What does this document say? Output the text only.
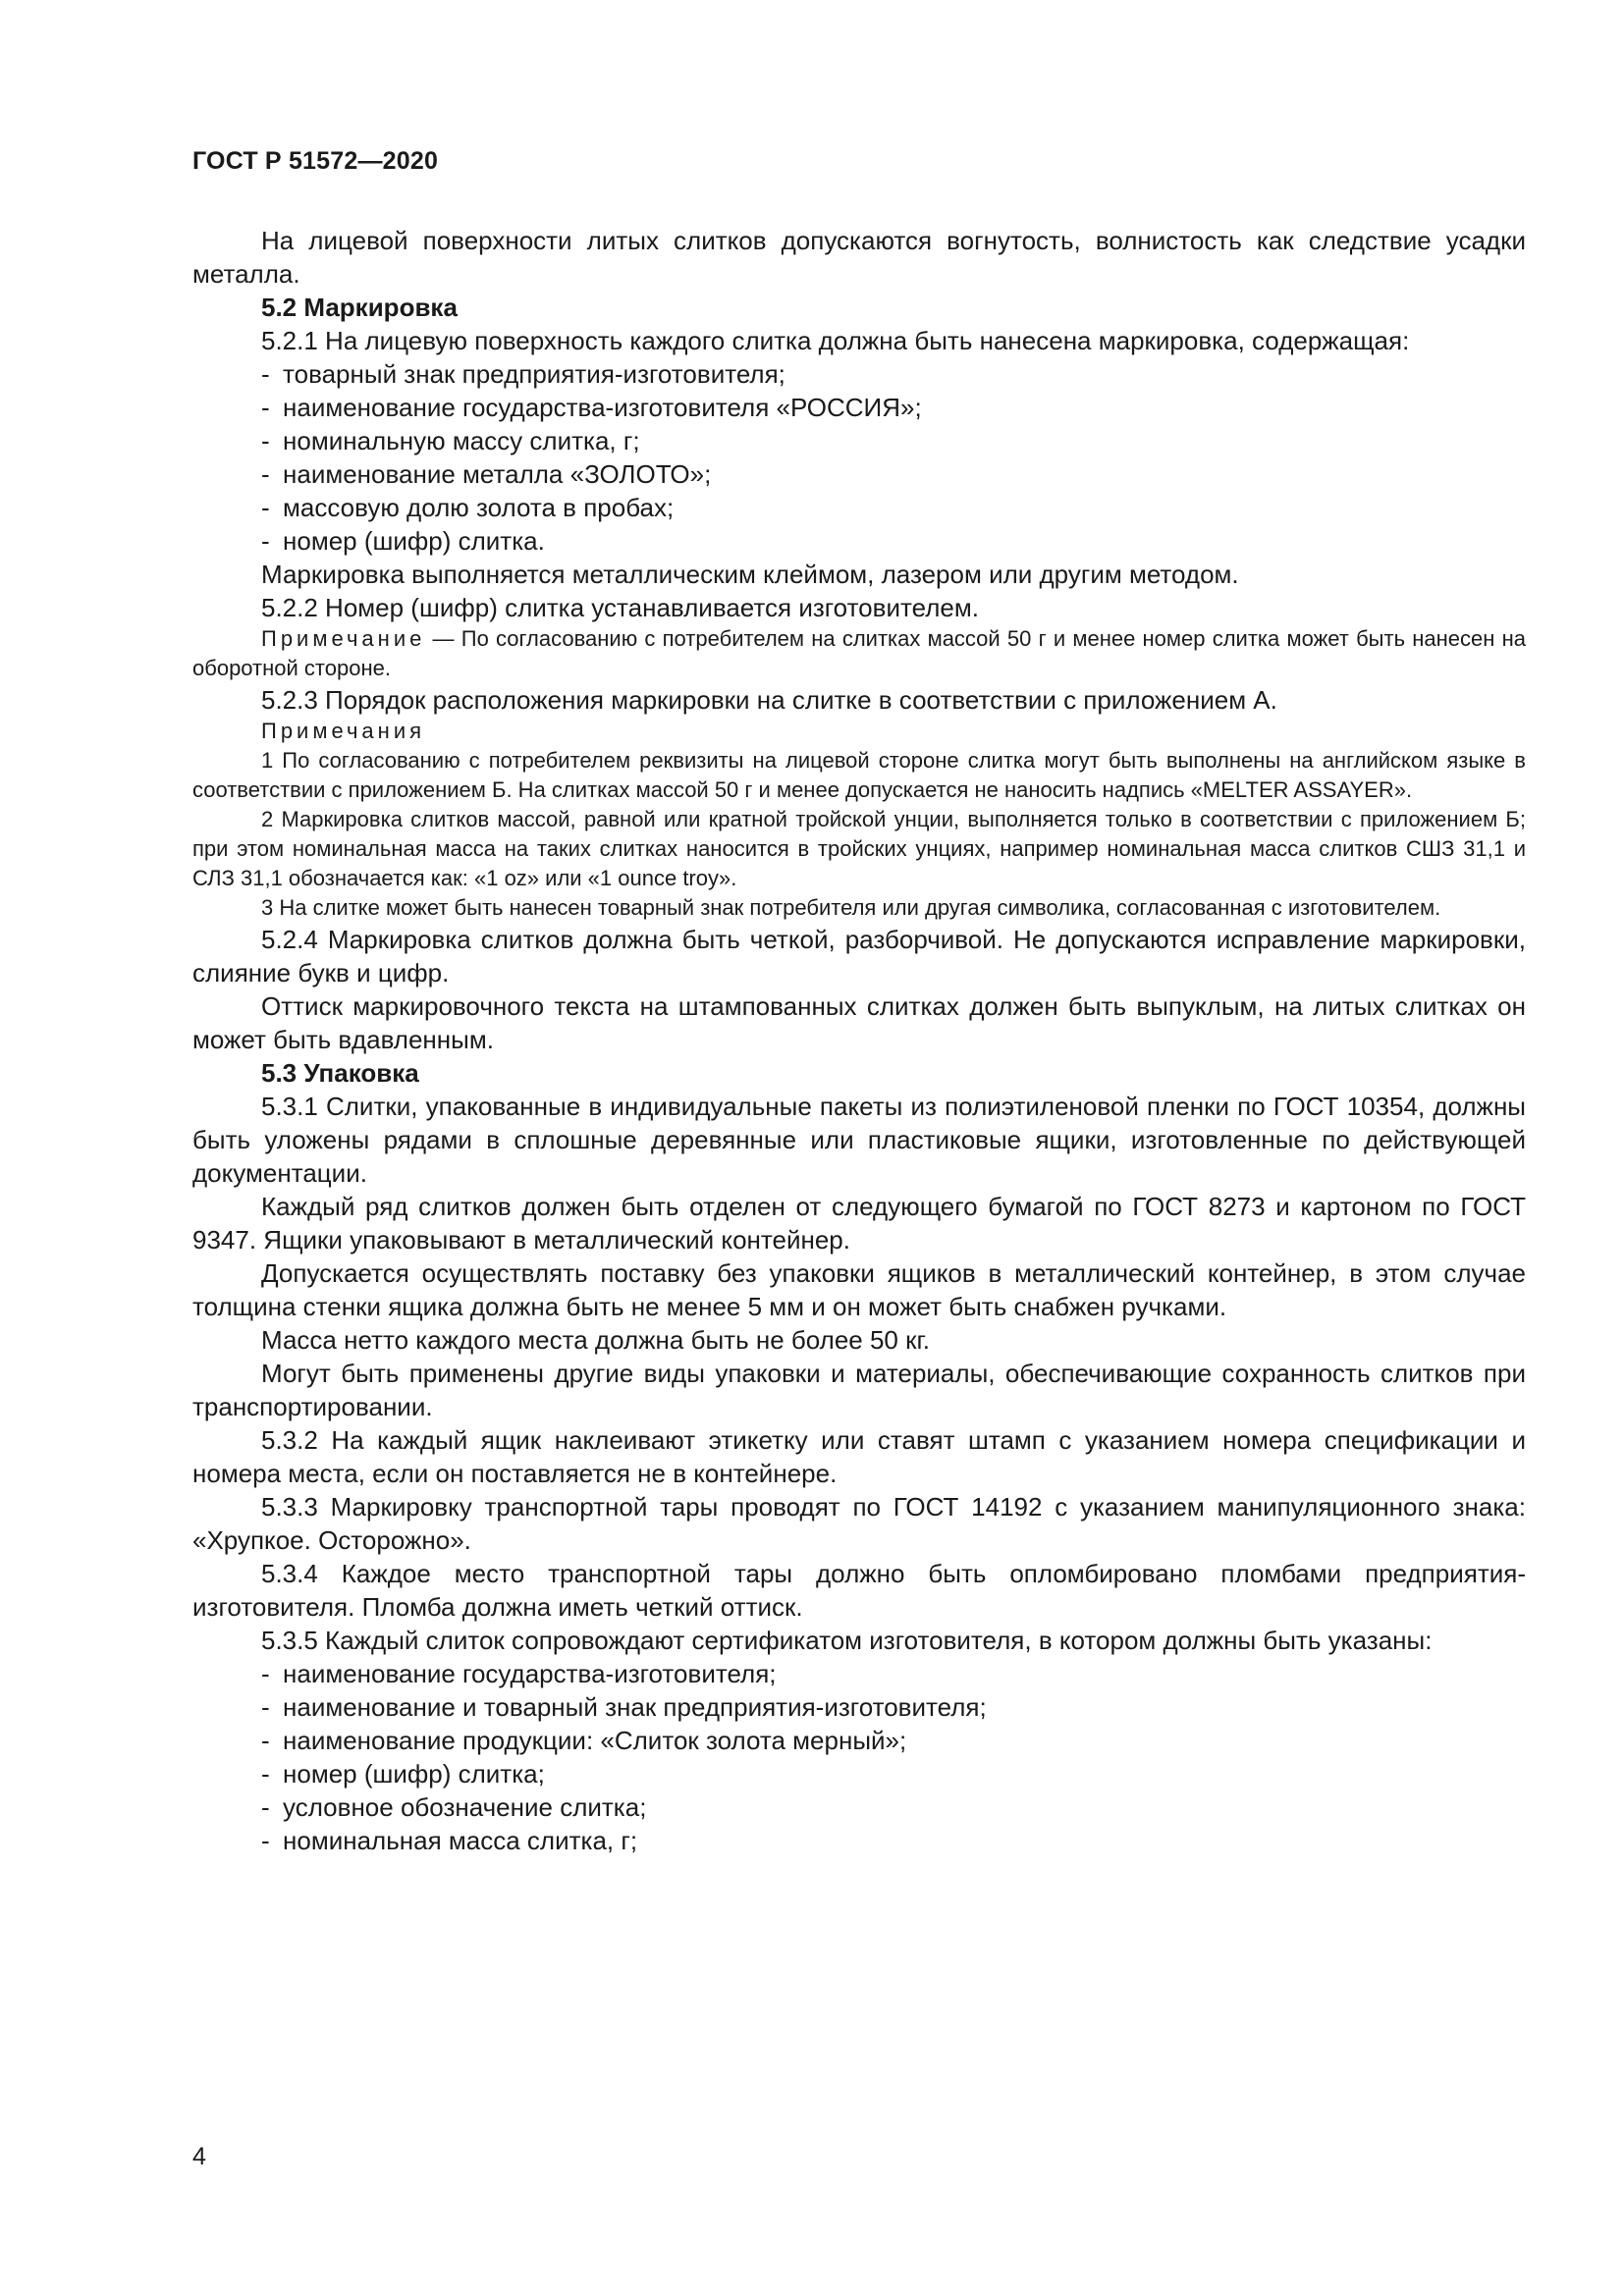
ГОСТ Р 51572—2020

На лицевой поверхности литых слитков допускаются вогнутость, волнистость как следствие усадки металла.

5.2 Маркировка

5.2.1 На лицевую поверхность каждого слитка должна быть нанесена маркировка, содержащая:

- товарный знак предприятия-изготовителя;

- наименование государства-изготовителя «РОССИЯ»;

- номинальную массу слитка, г;

- наименование металла «ЗОЛОТО»;

- массовую долю золота в пробах;

- номер (шифр) слитка.

Маркировка выполняется металлическим клеймом, лазером или другим методом.

5.2.2 Номер (шифр) слитка устанавливается изготовителем.

Примечание — По согласованию с потребителем на слитках массой 50 г и менее номер слитка может быть нанесен на оборотной стороне.

5.2.3 Порядок расположения маркировки на слитке в соответствии с приложением А.

Примечания

1 По согласованию с потребителем реквизиты на лицевой стороне слитка могут быть выполнены на английском языке в соответствии с приложением Б. На слитках массой 50 г и менее допускается не наносить надпись «MELTER ASSAYER».

2 Маркировка слитков массой, равной или кратной тройской унции, выполняется только в соответствии с приложением Б; при этом номинальная масса на таких слитках наносится в тройских унциях, например номинальная масса слитков СШЗ 31,1 и СЛЗ 31,1 обозначается как: «1 oz» или «1 ounce troy».

3 На слитке может быть нанесен товарный знак потребителя или другая символика, согласованная с изготовителем.

5.2.4 Маркировка слитков должна быть четкой, разборчивой. Не допускаются исправление маркировки, слияние букв и цифр.

Оттиск маркировочного текста на штампованных слитках должен быть выпуклым, на литых слитках он может быть вдавленным.

5.3 Упаковка

5.3.1 Слитки, упакованные в индивидуальные пакеты из полиэтиленовой пленки по ГОСТ 10354, должны быть уложены рядами в сплошные деревянные или пластиковые ящики, изготовленные по действующей документации.

Каждый ряд слитков должен быть отделен от следующего бумагой по ГОСТ 8273 и картоном по ГОСТ 9347. Ящики упаковывают в металлический контейнер.

Допускается осуществлять поставку без упаковки ящиков в металлический контейнер, в этом случае толщина стенки ящика должна быть не менее 5 мм и он может быть снабжен ручками.

Масса нетто каждого места должна быть не более 50 кг.

Могут быть применены другие виды упаковки и материалы, обеспечивающие сохранность слитков при транспортировании.

5.3.2 На каждый ящик наклеивают этикетку или ставят штамп с указанием номера спецификации и номера места, если он поставляется не в контейнере.

5.3.3 Маркировку транспортной тары проводят по ГОСТ 14192 с указанием манипуляционного знака: «Хрупкое. Осторожно».

5.3.4 Каждое место транспортной тары должно быть опломбировано пломбами предприятия-изготовителя. Пломба должна иметь четкий оттиск.

5.3.5 Каждый слиток сопровождают сертификатом изготовителя, в котором должны быть указаны:

- наименование государства-изготовителя;

- наименование и товарный знак предприятия-изготовителя;

- наименование продукции: «Слиток золота мерный»;

- номер (шифр) слитка;

- условное обозначение слитка;

- номинальная масса слитка, г;

4
